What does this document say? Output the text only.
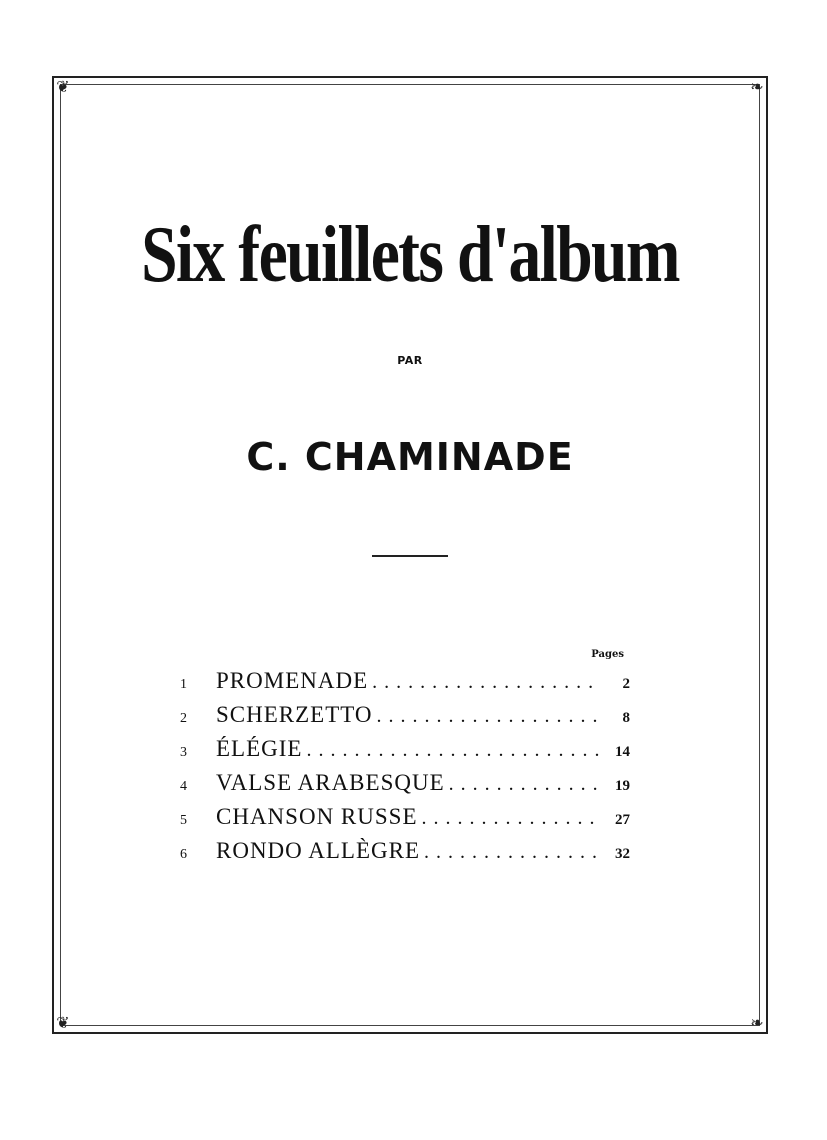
❦	❧
❦	❧
Six feuillets d'album
PAR
C. CHAMINADE
Pages
1	PROMENADE . . .	2
2	SCHERZETTO . . .	8
3	ÉLÉGIE . . .	14
4	VALSE ARABESQUE . . .	19
5	CHANSON RUSSE . . .	27
6	RONDO ALLÈGRE . . .	32
